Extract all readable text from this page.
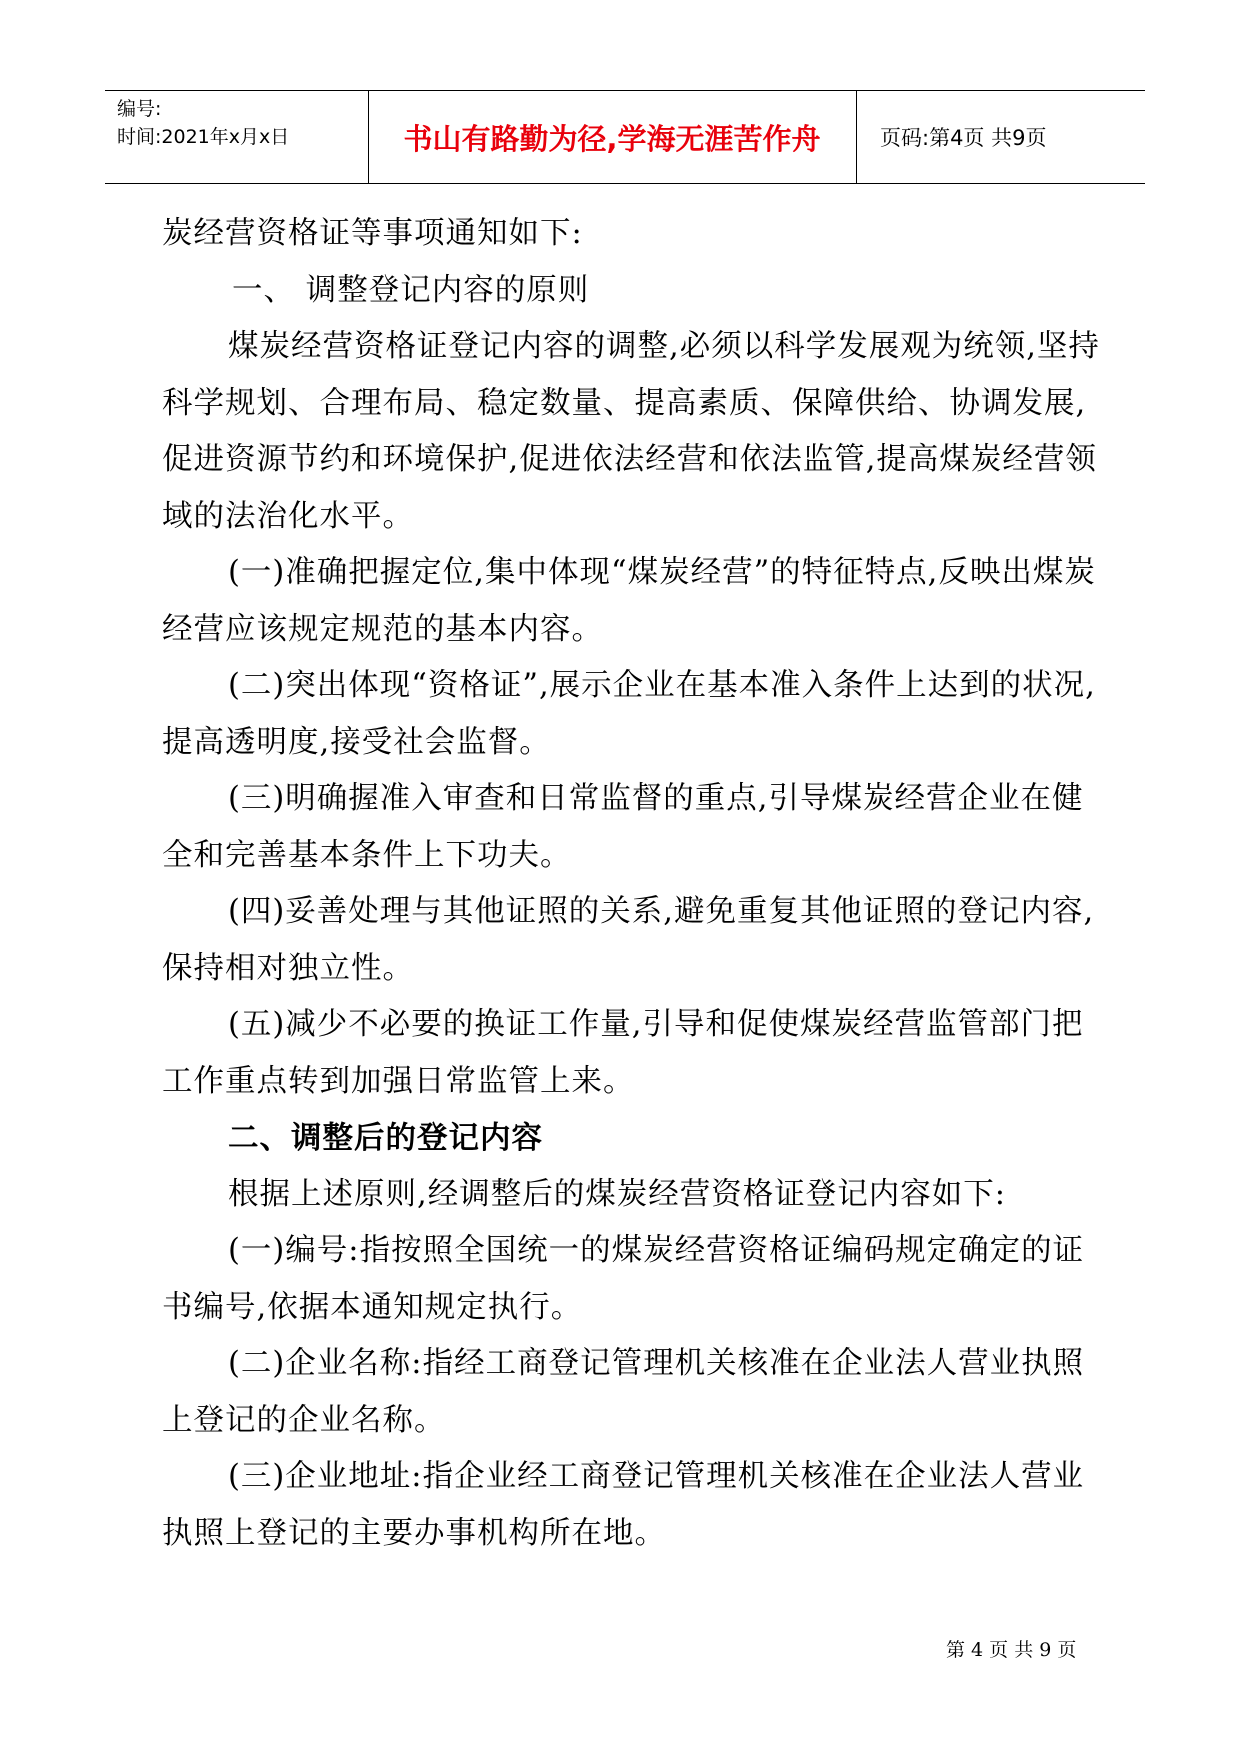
编号:
时间:2021年x月x日	书山有路勤为径,学海无涯苦作舟	页码:第4页 共9页

炭经营资格证等事项通知如下:

一、 调整登记内容的原则

煤炭经营资格证登记内容的调整,必须以科学发展观为统领,坚持科学规划、合理布局、稳定数量、提高素质、保障供给、协调发展,促进资源节约和环境保护,促进依法经营和依法监管,提高煤炭经营领域的法治化水平。

(一)准确把握定位,集中体现“煤炭经营”的特征特点,反映出煤炭经营应该规定规范的基本内容。

(二)突出体现“资格证”,展示企业在基本准入条件上达到的状况,提高透明度,接受社会监督。

(三)明确握准入审查和日常监督的重点,引导煤炭经营企业在健全和完善基本条件上下功夫。

(四)妥善处理与其他证照的关系,避免重复其他证照的登记内容,保持相对独立性。

(五)减少不必要的换证工作量,引导和促使煤炭经营监管部门把工作重点转到加强日常监管上来。

二、调整后的登记内容

根据上述原则,经调整后的煤炭经营资格证登记内容如下:

(一)编号:指按照全国统一的煤炭经营资格证编码规定确定的证书编号,依据本通知规定执行。

(二)企业名称:指经工商登记管理机关核准在企业法人营业执照上登记的企业名称。

(三)企业地址:指企业经工商登记管理机关核准在企业法人营业执照上登记的主要办事机构所在地。

第 4 页 共 9 页
